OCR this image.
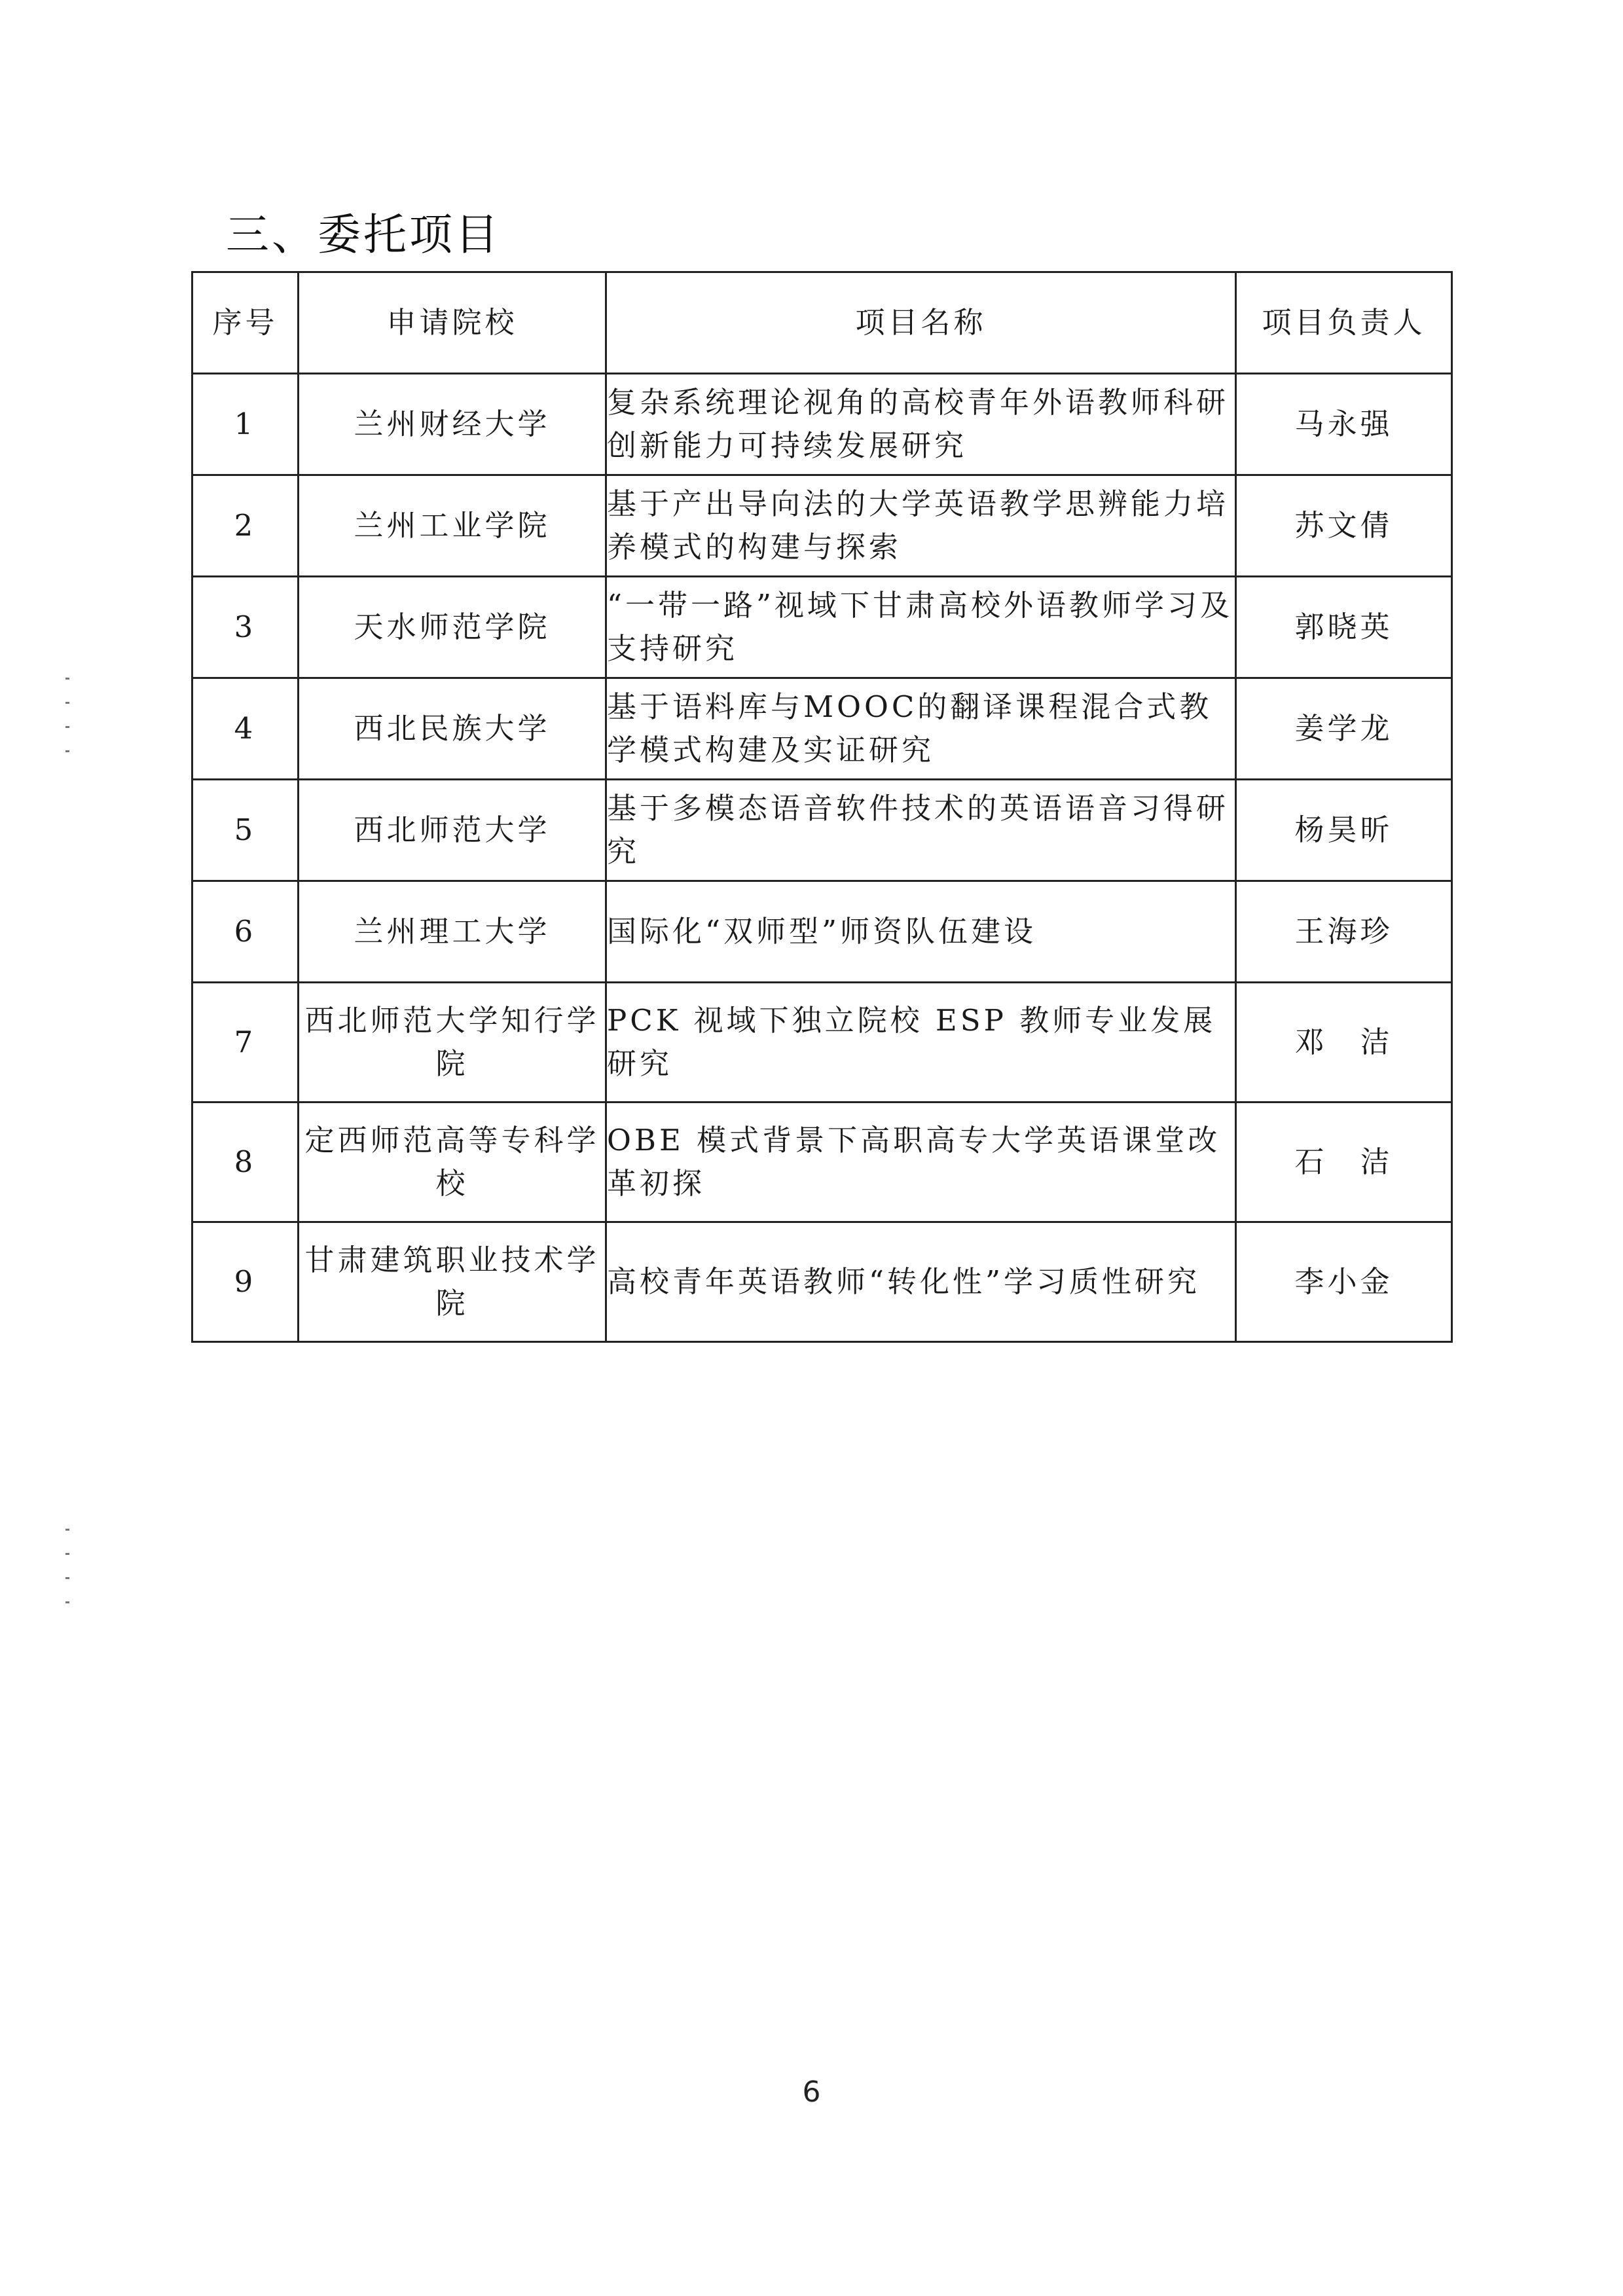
三、委托项目
序号	申请院校	项目名称	项目负责人
1	兰州财经大学	复杂系统理论视角的高校青年外语教师科研创新能力可持续发展研究	马永强
2	兰州工业学院	基于产出导向法的大学英语教学思辨能力培养模式的构建与探索	苏文倩
3	天水师范学院	“一带一路”视域下甘肃高校外语教师学习及支持研究	郭晓英
4	西北民族大学	基于语料库与MOOC的翻译课程混合式教学模式构建及实证研究	姜学龙
5	西北师范大学	基于多模态语音软件技术的英语语音习得研究	杨昊昕
6	兰州理工大学	国际化“双师型”师资队伍建设	王海珍
7	西北师范大学知行学院	PCK 视域下独立院校 ESP 教师专业发展研究	邓　洁
8	定西师范高等专科学校	OBE 模式背景下高职高专大学英语课堂改革初探	石　洁
9	甘肃建筑职业技术学院	高校青年英语教师“转化性”学习质性研究	李小金
6
